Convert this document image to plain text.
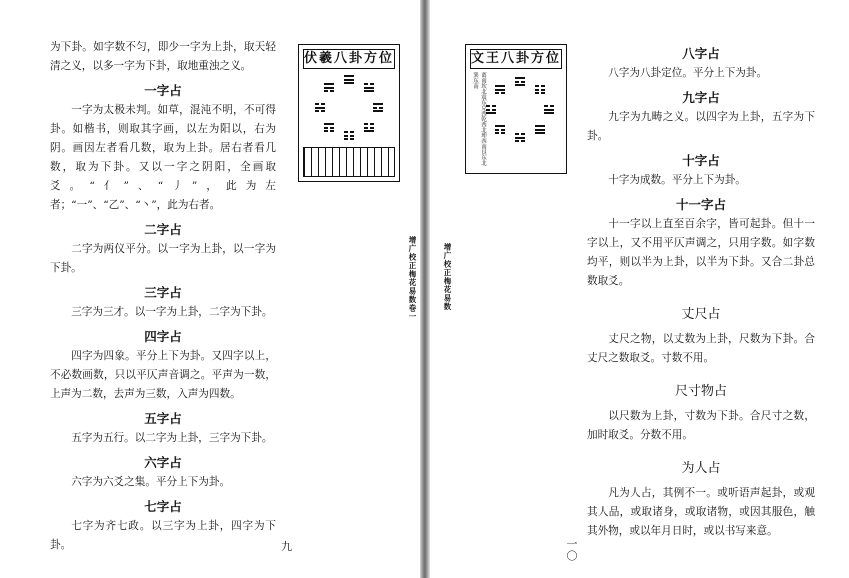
为下卦。如字数不匀，即少一字为上卦，取天轻清之义，以多一字为下卦，取地重浊之义。

一字占

一字为太极未判。如草，混沌不明，不可得卦。如楷书，则取其字画，以左为阳以，右为阴。画因左者看几数，取为上卦。居右者看几数，取为下卦。又以一字之阴阳，全画取爻。“亻”、“丿”，此为左者；“一”、“乙”、“丶”，此为右者。

二字占

二字为两仪平分。以一字为上卦，以一字为下卦。

三字占

三字为三才。以一字为上卦，二字为下卦。

四字占

四字为四象。平分上下为卦。又四字以上，不必数画数，只以平仄声音调之。平声为一数，上声为二数，去声为三数，入声为四数。

五字占

五字为五行。以二字为上卦，三字为下卦。

六字占

六字为六爻之集。平分上下为卦。

七字占

七字为齐七政。以三字为上卦，四字为下卦。

伏羲八卦方位
增广校正梅花易数卷一
九
文王八卦方位
离南坎北震东兑西乾西北坤西南艮东北巽东南
增广校正梅花易数
八字占

八字为八卦定位。平分上下为卦。

九字占

九字为九畴之义。以四字为上卦，五字为下卦。

十字占

十字为成数。平分上下为卦。

十一字占

十一字以上直至百余字，皆可起卦。但十一字以上，又不用平仄声调之，只用字数。如字数均平，则以半为上卦，以半为下卦。又合二卦总数取爻。

丈尺占

丈尺之物，以丈数为上卦，尺数为下卦。合丈尺之数取爻。寸数不用。

尺寸物占

以尺数为上卦，寸数为下卦。合尺寸之数，加时取爻。分数不用。

为人占

凡为人占，其例不一。或听语声起卦，或观其人品，或取诸身，或取诸物，或因其服色，触其外物，或以年月日时，或以书写来意。

一〇
